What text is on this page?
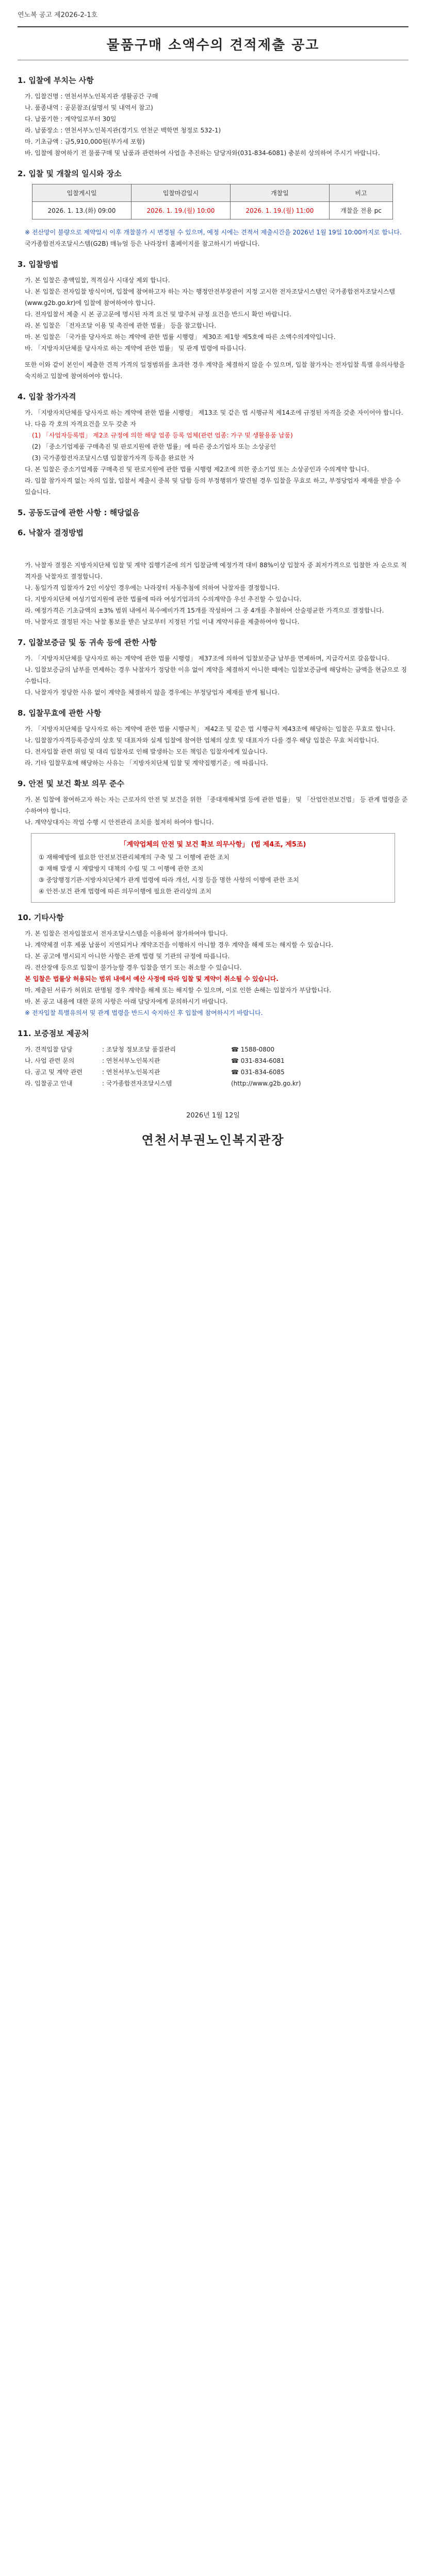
연노복 공고 제2026-2-1호
물품구매 소액수의 견적제출 공고
1. 입찰에 부치는 사항

가. 입찰건명 : 연천서부노인복지관 생활공간 구매

나. 품종내역 : 공문참조(설명서 및 내역서 참고)

다. 납품기한 : 계약일로부터 30일

라. 납품장소 : 연천서부노인복지관(경기도 연천군 백학면 청정로 532-1)

마. 기초금액 : 금5,910,000원(부가세 포함)

바. 입찰에 참여하기 전 물품구매 및 납품과 관련하여 사업을 추진하는 담당자와(031-834-6081) 충분히 상의하여 주시기 바랍니다.

2. 입찰 및 개찰의 일시와 장소
입찰게시일	입찰마감일시	개찰일	비고
2026. 1. 13.(화) 09:00	2026. 1. 19.(월) 10:00	2026. 1. 19.(월) 11:00	개찰을 전용 pc

※ 전산망이 불량으로 제약일시 이후 개찰불가 시 변경될 수 있으며, 예정 시에는 견적서 제출시간을 2026년 1월 19일 10:00까지로 합니다.

국가종합전자조달시스템(G2B) 매뉴얼 등은 나라장터 홈페이지를 참고하시기 바랍니다.

3. 입찰방법

가. 본 입찰은 총액입찰, 적격심사 시대상 제외 합니다.

나. 본 입찰은 전자입찰 방식이며, 입찰에 참여하고자 하는 자는 행정안전부장관이 지정 고시한 전자조달시스템인 국가종합전자조달시스템(www.g2b.go.kr)에 입찰에 참여하여야 합니다.

다. 전자입찰서 제출 시 본 공고문에 명시된 자격 요건 및 발주처 규정 요건을 반드시 확인 바랍니다.

라. 본 입찰은 「전자조달 이용 및 촉진에 관한 법률」 등을 참고합니다.

마. 본 입찰은 「국가를 당사자로 하는 계약에 관한 법률 시행령」 제30조 제1항 제5호에 따른 소액수의계약입니다.

바. 「지방자치단체를 당사자로 하는 계약에 관한 법률」 및 관계 법령에 따릅니다.

또한 이와 같이 본인이 제출한 견적 가격의 일정범위를 초과한 경우 계약을 체결하지 않을 수 있으며, 입찰 참가자는 전자입찰 특별 유의사항을 숙지하고 입찰에 참여하여야 합니다.

4. 입찰 참가자격

가. 「지방자치단체를 당사자로 하는 계약에 관한 법률 시행령」 제13조 및 같은 법 시행규칙 제14조에 규정된 자격을 갖춘 자이어야 합니다.

나. 다음 각 호의 자격요건을 모두 갖춘 자

(1) 「사업자등록법」 제2조 규정에 의한 해당 업종 등록 업체(관련 업종: 가구 및 생활용품 납품)

(2) 「중소기업제품 구매촉진 및 판로지원에 관한 법률」에 따른 중소기업자 또는 소상공인

(3) 국가종합전자조달시스템 입찰참가자격 등록을 완료한 자

다. 본 입찰은 중소기업제품 구매촉진 및 판로지원에 관한 법률 시행령 제2조에 의한 중소기업 또는 소상공인과 수의계약 합니다.

라. 입찰 참가자격 없는 자의 입찰, 입찰서 제출시 중복 및 담합 등의 부정행위가 발견될 경우 입찰을 무효로 하고, 부정당업자 제재를 받을 수 있습니다.

5. 공동도급에 관한 사항 : 해당없음
6. 낙찰자 결정방법

가. 낙찰자 결정은 지방자치단체 입찰 및 계약 집행기준에 의거 입찰금액 예정가격 대비 88%이상 입찰자 중 최저가격으로 입찰한 자 순으로 적격자를 낙찰자로 결정합니다.

나. 동일가격 입찰자가 2인 이상인 경우에는 나라장터 자동추첨에 의하여 낙찰자를 결정합니다.

다. 지방자치단체 여성기업지원에 관한 법률에 따라 여성기업과의 수의계약을 우선 추진할 수 있습니다.

라. 예정가격은 기초금액의 ±3% 범위 내에서 복수예비가격 15개를 작성하여 그 중 4개를 추첨하여 산술평균한 가격으로 결정합니다.

마. 낙찰자로 결정된 자는 낙찰 통보를 받은 날로부터 지정된 기일 이내 계약서류를 제출하여야 합니다.

7. 입찰보증금 및 동 귀속 등에 관한 사항

가. 「지방자치단체를 당사자로 하는 계약에 관한 법률 시행령」 제37조에 의하여 입찰보증금 납부를 면제하며, 지급각서로 갈음합니다.

나. 입찰보증금의 납부를 면제하는 경우 낙찰자가 정당한 이유 없이 계약을 체결하지 아니한 때에는 입찰보증금에 해당하는 금액을 현금으로 징수합니다.

다. 낙찰자가 정당한 사유 없이 계약을 체결하지 않을 경우에는 부정당업자 제재를 받게 됩니다.

8. 입찰무효에 관한 사항

가. 「지방자치단체를 당사자로 하는 계약에 관한 법률 시행규칙」 제42조 및 같은 법 시행규칙 제43조에 해당하는 입찰은 무효로 합니다.

나. 입찰참가자격등록증상의 상호 및 대표자와 실제 입찰에 참여한 업체의 상호 및 대표자가 다를 경우 해당 입찰은 무효 처리합니다.

다. 전자입찰 관련 위임 및 대리 입찰자로 인해 발생하는 모든 책임은 입찰자에게 있습니다.

라. 기타 입찰무효에 해당하는 사유는 「지방자치단체 입찰 및 계약집행기준」에 따릅니다.

9. 안전 및 보건 확보 의무 준수

가. 본 입찰에 참여하고자 하는 자는 근로자의 안전 및 보건을 위한 「중대재해처벌 등에 관한 법률」 및 「산업안전보건법」 등 관계 법령을 준수하여야 합니다.

나. 계약상대자는 작업 수행 시 안전관리 조치를 철저히 하여야 합니다.

「계약업체의 안전 및 보건 확보 의무사항」 (법 제4조, 제5조)

① 재해예방에 필요한 안전보건관리체계의 구축 및 그 이행에 관한 조치

② 재해 발생 시 재발방지 대책의 수립 및 그 이행에 관한 조치

③ 중앙행정기관·지방자치단체가 관계 법령에 따라 개선, 시정 등을 명한 사항의 이행에 관한 조치

④ 안전·보건 관계 법령에 따른 의무이행에 필요한 관리상의 조치

10. 기타사항

가. 본 입찰은 전자입찰로서 전자조달시스템을 이용하여 참가하여야 합니다.

나. 계약체결 이후 제품 납품이 지연되거나 계약조건을 이행하지 아니할 경우 계약을 해제 또는 해지할 수 있습니다.

다. 본 공고에 명시되지 아니한 사항은 관계 법령 및 기관의 규정에 따릅니다.

라. 전산장애 등으로 입찰이 불가능할 경우 입찰을 연기 또는 취소할 수 있습니다.

본 입찰은 법률상 허용되는 범위 내에서 예산 사정에 따라 입찰 및 계약이 취소될 수 있습니다.

마. 제출된 서류가 허위로 판명될 경우 계약을 해제 또는 해지할 수 있으며, 이로 인한 손해는 입찰자가 부담합니다.

바. 본 공고 내용에 대한 문의 사항은 아래 담당자에게 문의하시기 바랍니다.

※ 전자입찰 특별유의서 및 관계 법령을 반드시 숙지하신 후 입찰에 참여하시기 바랍니다.

11. 보증점보 제공처
가. 견적입찰 담당	: 조달청 정보조달 품질관리	☎ 1588-0800
나. 사업 관련 문의	: 연천서부노인복지관	☎ 031-834-6081
다. 공고 및 계약 관련	: 연천서부노인복지관	☎ 031-834-6085
라. 입찰공고 안내	: 국가종합전자조달시스템	(http://www.g2b.go.kr)
2026년 1월 12일
연천서부권노인복지관장
